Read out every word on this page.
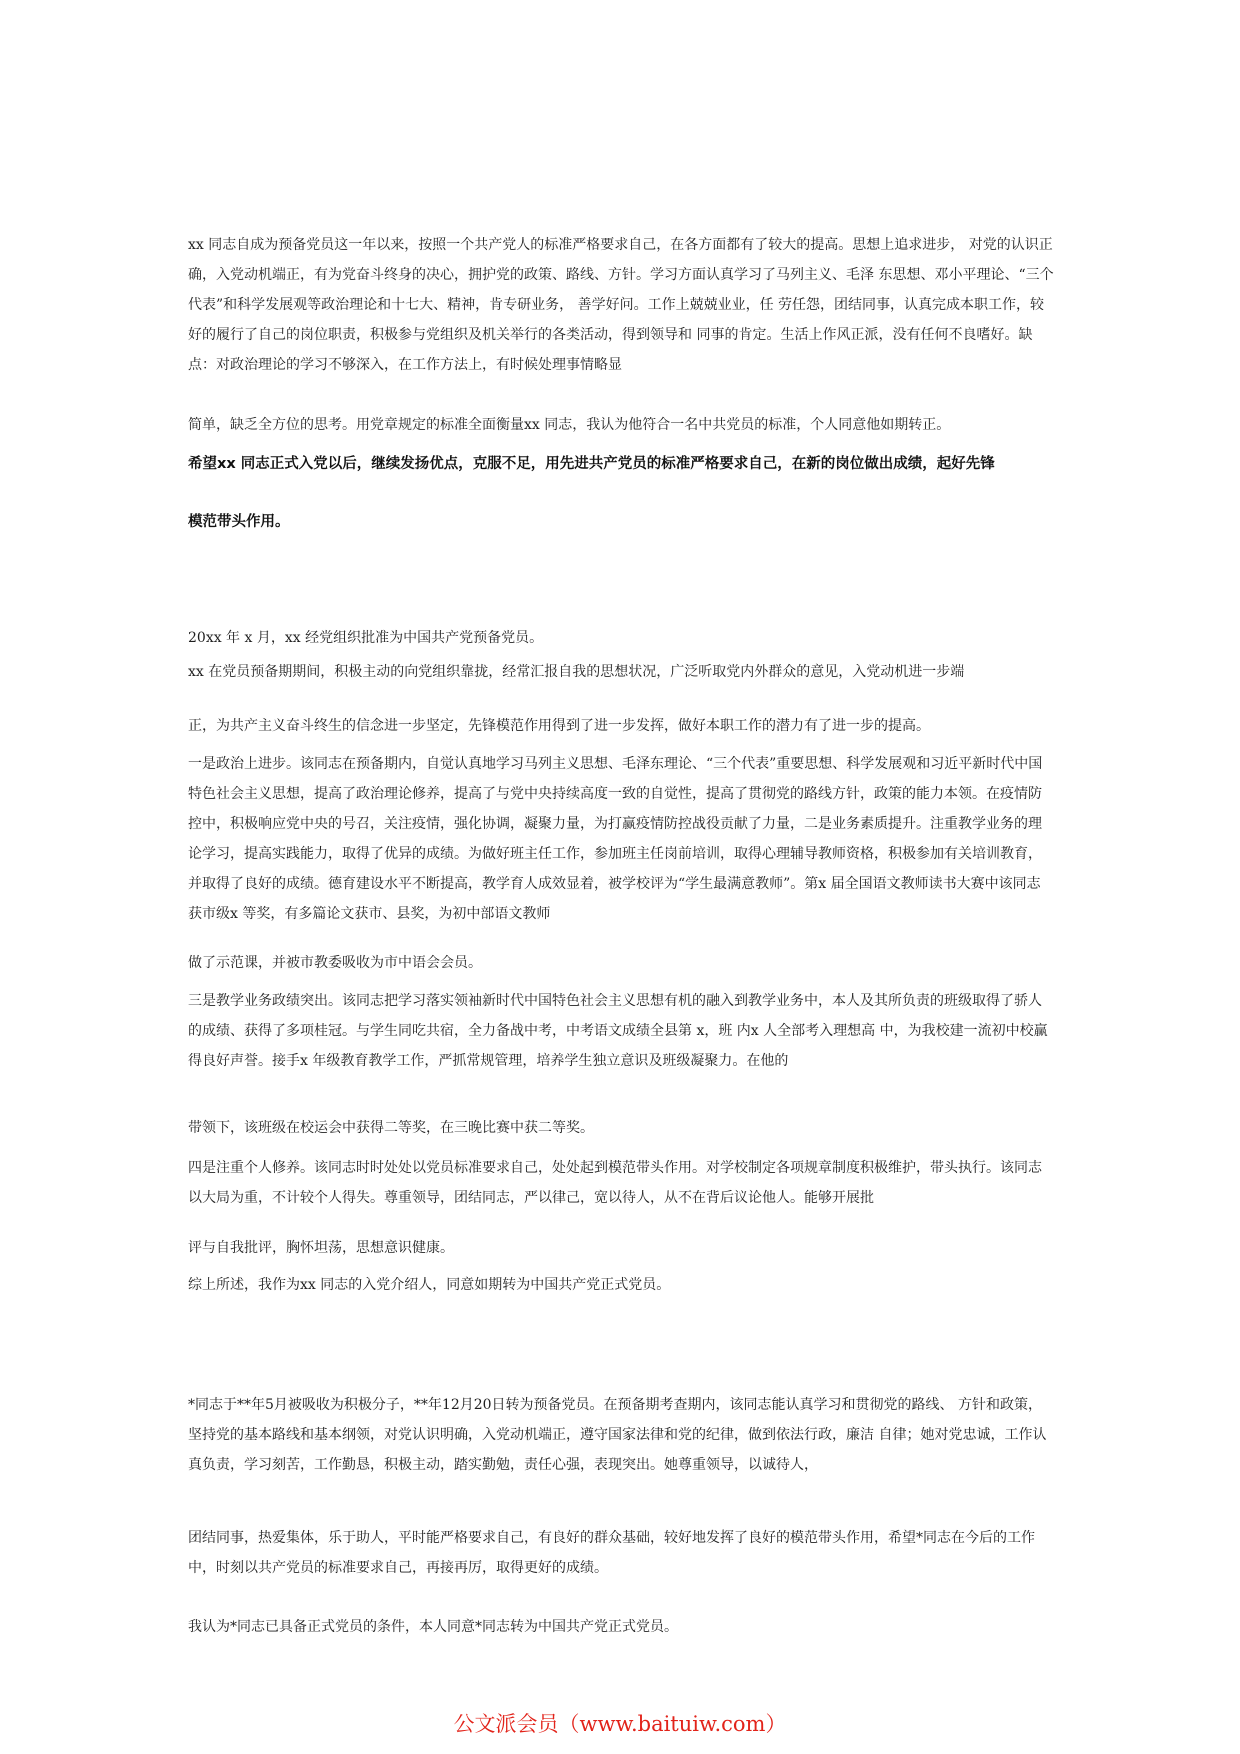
xx 同志自成为预备党员这一年以来，按照一个共产党人的标准严格要求自己，在各方面都有了较大的提高。思想上追求进步， 对党的认识正确，入党动机端正，有为党奋斗终身的决心，拥护党的政策、路线、方针。学习方面认真学习了马列主义、毛泽 东思想、邓小平理论、“三个代表”和科学发展观等政治理论和十七大、精神，肯专研业务， 善学好问。工作上兢兢业业，任 劳任怨，团结同事，认真完成本职工作，较好的履行了自己的岗位职责，积极参与党组织及机关举行的各类活动，得到领导和 同事的肯定。生活上作风正派，没有任何不良嗜好。缺点：对政治理论的学习不够深入，在工作方法上，有时候处理事情略显

简单，缺乏全方位的思考。用党章规定的标准全面衡量xx 同志，我认为他符合一名中共党员的标准，个人同意他如期转正。

希望xx 同志正式入党以后，继续发扬优点，克服不足，用先进共产党员的标准严格要求自己，在新的岗位做出成绩，起好先锋

模范带头作用。

20xx 年 x 月，xx 经党组织批准为中国共产党预备党员。

xx 在党员预备期期间，积极主动的向党组织靠拢，经常汇报自我的思想状况，广泛听取党内外群众的意见，入党动机进一步端

正，为共产主义奋斗终生的信念进一步坚定，先锋模范作用得到了进一步发挥，做好本职工作的潜力有了进一步的提高。

一是政治上进步。该同志在预备期内，自觉认真地学习马列主义思想、毛泽东理论、“三个代表”重要思想、科学发展观和习近平新时代中国特色社会主义思想，提高了政治理论修养，提高了与党中央持续高度一致的自觉性，提高了贯彻党的路线方针，政策的能力本领。在疫情防控中，积极响应党中央的号召，关注疫情，强化协调，凝聚力量，为打赢疫情防控战役贡献了力量，二是业务素质提升。注重教学业务的理论学习，提高实践能力，取得了优异的成绩。为做好班主任工作，参加班主任岗前培训，取得心理辅导教师资格，积极参加有关培训教育，并取得了良好的成绩。德育建设水平不断提高，教学育人成效显着，被学校评为“学生最满意教师”。第x 届全国语文教师读书大赛中该同志获市级x 等奖，有多篇论文获市、县奖，为初中部语文教师

做了示范课，并被市教委吸收为市中语会会员。

三是教学业务政绩突出。该同志把学习落实领袖新时代中国特色社会主义思想有机的融入到教学业务中，本人及其所负责的班级取得了骄人的成绩、获得了多项桂冠。与学生同吃共宿，全力备战中考，中考语文成绩全县第 x，班 内x 人全部考入理想高 中，为我校建一流初中校赢得良好声誉。接手x 年级教育教学工作，严抓常规管理，培养学生独立意识及班级凝聚力。在他的

带领下，该班级在校运会中获得二等奖，在三晚比赛中获二等奖。

四是注重个人修养。该同志时时处处以党员标准要求自己，处处起到模范带头作用。对学校制定各项规章制度积极维护，带头执行。该同志以大局为重，不计较个人得失。尊重领导，团结同志，严以律己，宽以待人，从不在背后议论他人。能够开展批

评与自我批评，胸怀坦荡，思想意识健康。

综上所述，我作为xx 同志的入党介绍人，同意如期转为中国共产党正式党员。

*同志于**年5月被吸收为积极分子，**年12月20日转为预备党员。在预备期考查期内，该同志能认真学习和贯彻党的路线、 方针和政策，坚持党的基本路线和基本纲领，对党认识明确，入党动机端正，遵守国家法律和党的纪律，做到依法行政，廉洁 自律；她对党忠诚，工作认真负责，学习刻苦，工作勤恳，积极主动，踏实勤勉，责任心强，表现突出。她尊重领导，以诚待人，

团结同事，热爱集体，乐于助人，平时能严格要求自己，有良好的群众基础，较好地发挥了良好的模范带头作用，希望*同志在今后的工作中，时刻以共产党员的标准要求自己，再接再厉，取得更好的成绩。

我认为*同志已具备正式党员的条件，本人同意*同志转为中国共产党正式党员。

公文派会员（www.baituiw.com）
